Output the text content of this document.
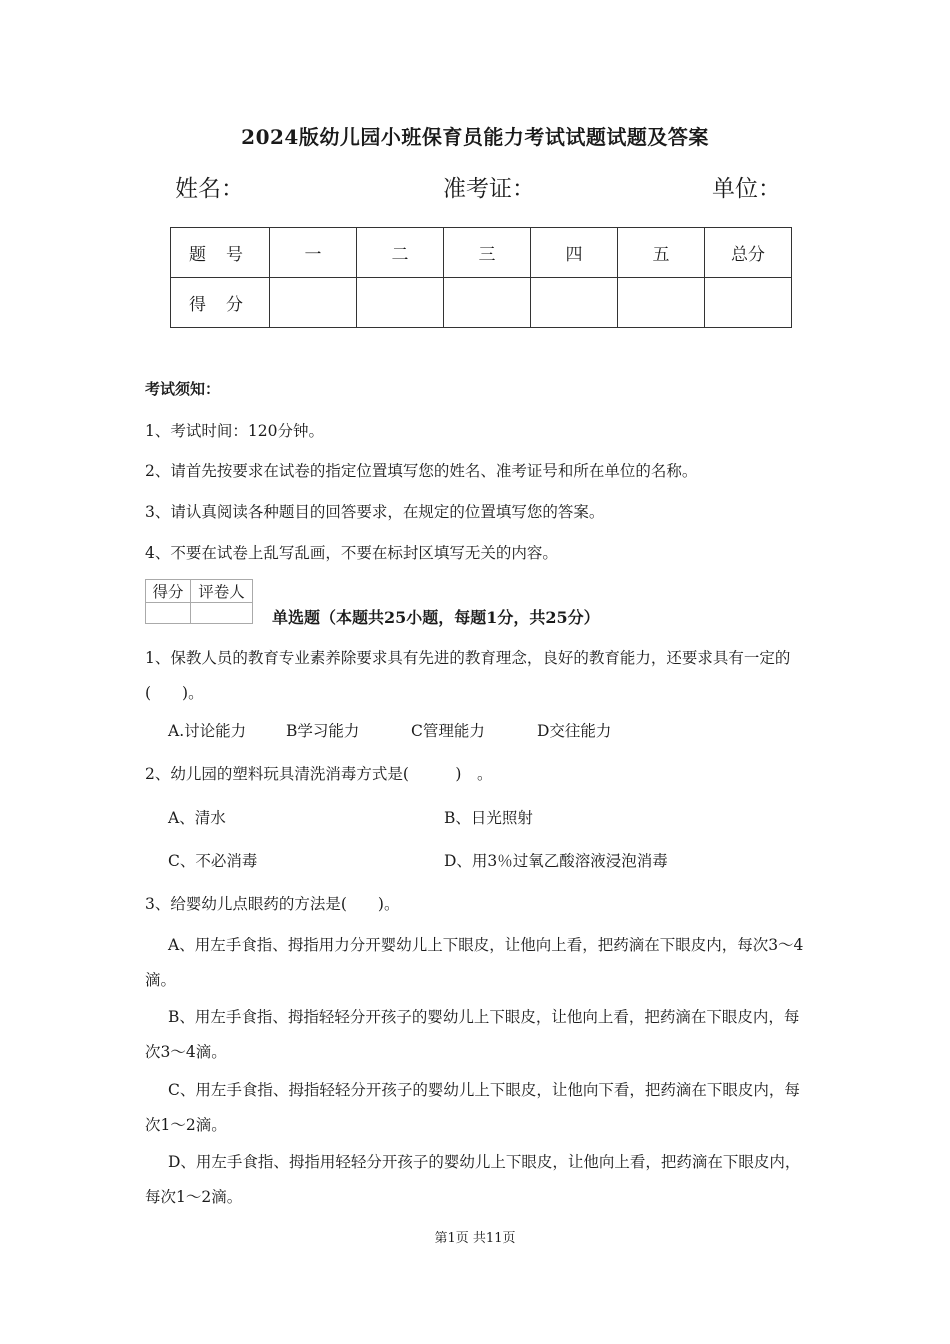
2024版幼儿园小班保育员能力考试试题试题及答案
姓名：	准考证：	单位：
题号	一	二	三	四	五	总分
得分						
考试须知：
1、考试时间：120分钟。
2、请首先按要求在试卷的指定位置填写您的姓名、准考证号和所在单位的名称。
3、请认真阅读各种题目的回答要求，在规定的位置填写您的答案。
4、不要在试卷上乱写乱画，不要在标封区填写无关的内容。
得分	评卷人

单选题（本题共25小题，每题1分，共25分）
1、保教人员的教育专业素养除要求具有先进的教育理念，良好的教育能力，还要求具有一定的(　　)。
A.讨论能力	B学习能力	C管理能力	D交往能力
2、幼儿园的塑料玩具清洗消毒方式是(　　　)　。
A、清水	B、日光照射
C、不必消毒	D、用3％过氧乙酸溶液浸泡消毒
3、给婴幼儿点眼药的方法是(　　)。
A、用左手食指、拇指用力分开婴幼儿上下眼皮，让他向上看，把药滴在下眼皮内，每次3～4滴。
B、用左手食指、拇指轻轻分开孩子的婴幼儿上下眼皮，让他向上看，把药滴在下眼皮内，每次3～4滴。
C、用左手食指、拇指轻轻分开孩子的婴幼儿上下眼皮，让他向下看，把药滴在下眼皮内，每次1～2滴。
D、用左手食指、拇指用轻轻分开孩子的婴幼儿上下眼皮，让他向上看，把药滴在下眼皮内，每次1～2滴。
第1页 共11页
